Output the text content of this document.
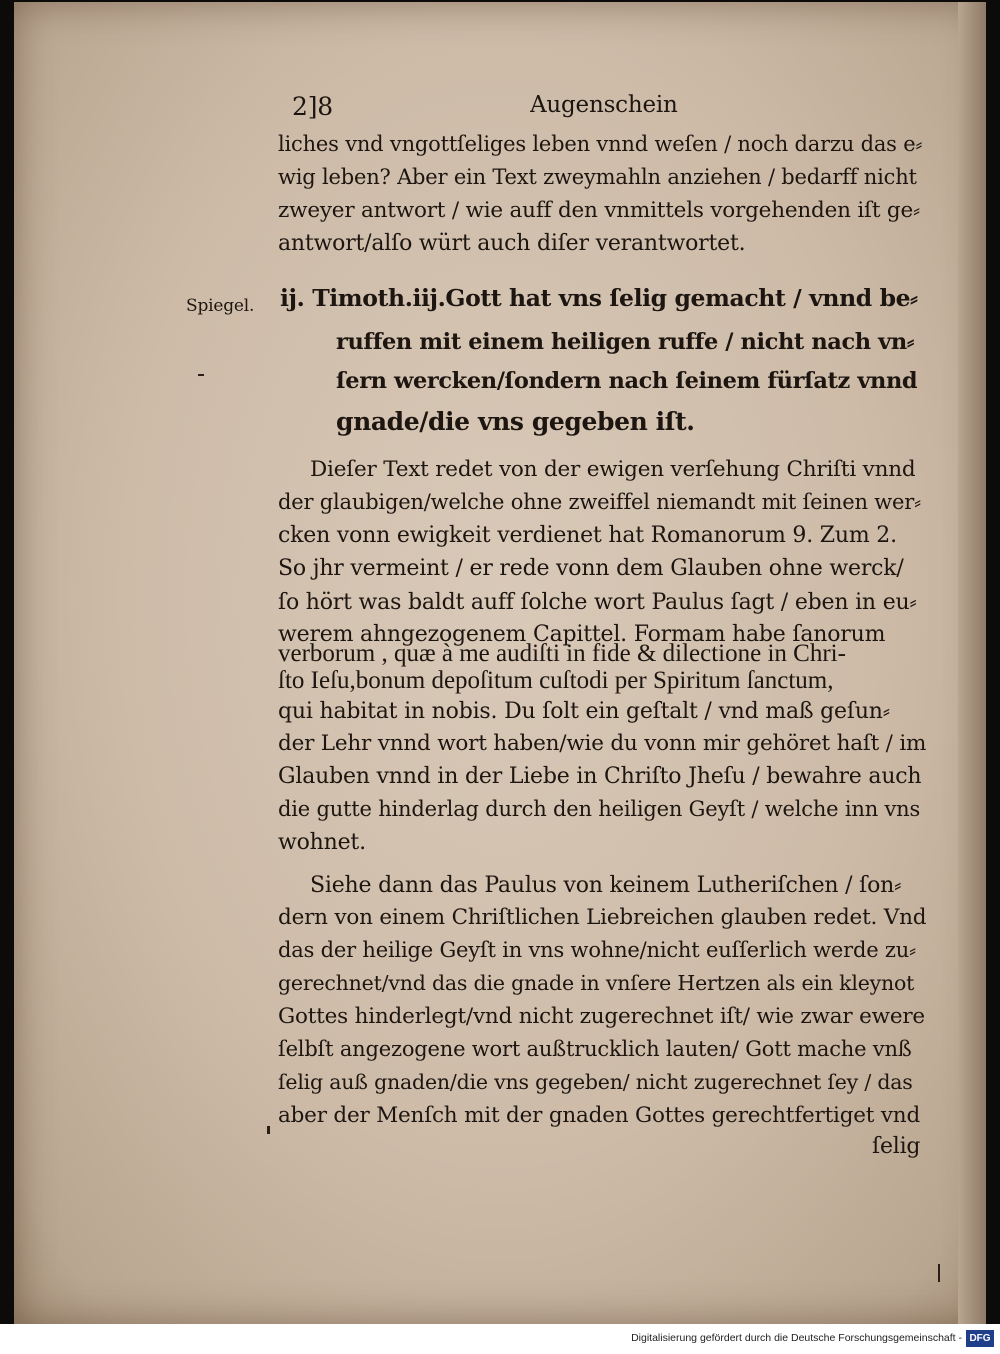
2]8	Augenschein
liches vnd vngottſeliges leben vnnd weſen / noch darzu das e⸗
wig leben? Aber ein Text zweymahln anziehen / bedarff nicht
zweyer antwort / wie auff den vnmittels vorgehenden iſt ge⸗
antwort/alſo würt auch diſer verantwortet.
Spiegel.	ij. Timoth.iij.Gott hat vns ſelig gemacht / vnnd be⸗
ruffen mit einem heiligen ruffe / nicht nach vn⸗
ſern wercken/ſondern nach ſeinem fürſatz vnnd
gnade/die vns gegeben iſt.
Dieſer Text redet von der ewigen verſehung Chriſti vnnd
der glaubigen/welche ohne zweiffel niemandt mit ſeinen wer⸗
cken vonn ewigkeit verdienet hat Romanorum 9. Zum 2.
So jhr vermeint / er rede vonn dem Glauben ohne werck/
ſo hört was baldt auff ſolche wort Paulus ſagt / eben in eu⸗
werem ahngezogenem Capittel. Formam habe ſanorum
verborum , quæ à me audiſti in fide & dilectione in Chri-
ſto Ieſu,bonum depoſitum cuſtodi per Spiritum ſanctum,
qui habitat in nobis. Du ſolt ein geſtalt / vnd maß geſun⸗
der Lehr vnnd wort haben/wie du vonn mir gehöret haſt / im
Glauben vnnd in der Liebe in Chriſto Jheſu / bewahre auch
die gutte hinderlag durch den heiligen Geyſt / welche inn vns
wohnet.
Siehe dann das Paulus von keinem Lutheriſchen / ſon⸗
dern von einem Chriſtlichen Liebreichen glauben redet. Vnd
das der heilige Geyſt in vns wohne/nicht euſſerlich werde zu⸗
gerechnet/vnd das die gnade in vnſere Hertzen als ein kleynot
Gottes hinderlegt/vnd nicht zugerechnet iſt/ wie zwar ewere
ſelbſt angezogene wort außtrucklich lauten/ Gott mache vnß
ſelig auß gnaden/die vns gegeben/ nicht zugerechnet ſey / das
aber der Menſch mit der gnaden Gottes gerechtfertiget vnd
ſelig
Digitalisierung gefördert durch die Deutsche Forschungsgemeinschaft - DFG
